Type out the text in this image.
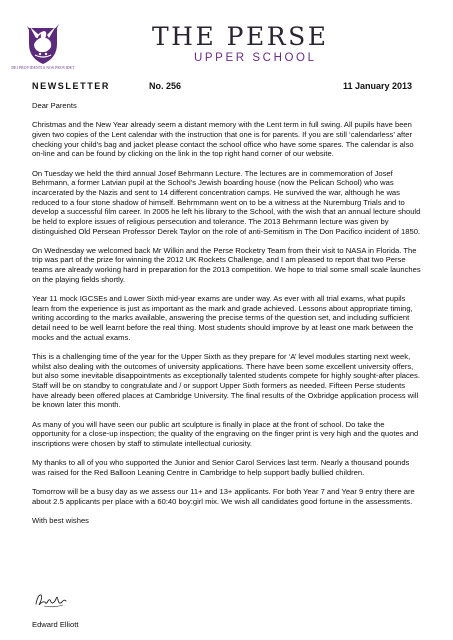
DEI PROVIDENTIA NOS PROVIDET
THE PERSE
UPPER SCHOOL
NEWSLETTER	No. 256	11 January 2013

Dear Parents

Christmas and the New Year already seem a distant memory with the Lent term in full swing. All pupils have been given two copies of the Lent calendar with the instruction that one is for parents. If you are still ‘calendarless’ after checking your child’s bag and jacket please contact the school office who have some spares. The calendar is also on-line and can be found by clicking on the link in the top right hand corner of our website.

On Tuesday we held the third annual Josef Behrmann Lecture. The lectures are in commemoration of Josef Behrmann, a former Latvian pupil at the School’s Jewish boarding house (now the Pelican School) who was incarcerated by the Nazis and sent to 14 different concentration camps. He survived the war, although he was reduced to a four stone shadow of himself. Behrmmann went on to be a witness at the Nuremburg Trials and to develop a successful film career. In 2005 he left his library to the School, with the wish that an annual lecture should be held to explore issues of religious persecution and tolerance. The 2013 Behrmann lecture was given by distinguished Old Persean Professor Derek Taylor on the role of anti-Semitism in The Don Pacifico incident of 1850.

On Wednesday we welcomed back Mr Wilkin and the Perse Rocketry Team from their visit to NASA in Florida. The trip was part of the prize for winning the 2012 UK Rockets Challenge, and I am pleased to report that two Perse teams are already working hard in preparation for the 2013 competition. We hope to trial some small scale launches on the playing fields shortly.

Year 11 mock IGCSEs and Lower Sixth mid-year exams are under way. As ever with all trial exams, what pupils learn from the experience is just as important as the mark and grade achieved. Lessons about appropriate timing, writing according to the marks available, answering the precise terms of the question set, and including sufficient detail need to be well learnt before the real thing. Most students should improve by at least one mark between the mocks and the actual exams.

This is a challenging time of the year for the Upper Sixth as they prepare for ‘A’ level modules starting next week, whilst also dealing with the outcomes of university applications. There have been some excellent university offers, but also some inevitable disappointments as exceptionally talented students compete for highly sought-after places. Staff will be on standby to congratulate and / or support Upper Sixth formers as needed. Fifteen Perse students have already been offered places at Cambridge University. The final results of the Oxbridge application process will be known later this month.

As many of you will have seen our public art sculpture is finally in place at the front of school. Do take the opportunity for a close-up inspection; the quality of the engraving on the finger print is very high and the quotes and inscriptions were chosen by staff to stimulate intellectual curiosity.

My thanks to all of you who supported the Junior and Senior Carol Services last term. Nearly a thousand pounds was raised for the Red Balloon Leaning Centre in Cambridge to help support badly bullied children.

Tomorrow will be a busy day as we assess our 11+ and 13+ applicants. For both Year 7 and Year 9 entry there are about 2.5 applicants per place with a 60:40 boy:girl mix. We wish all candidates good fortune in the assessments.

With best wishes

Edward Elliott
